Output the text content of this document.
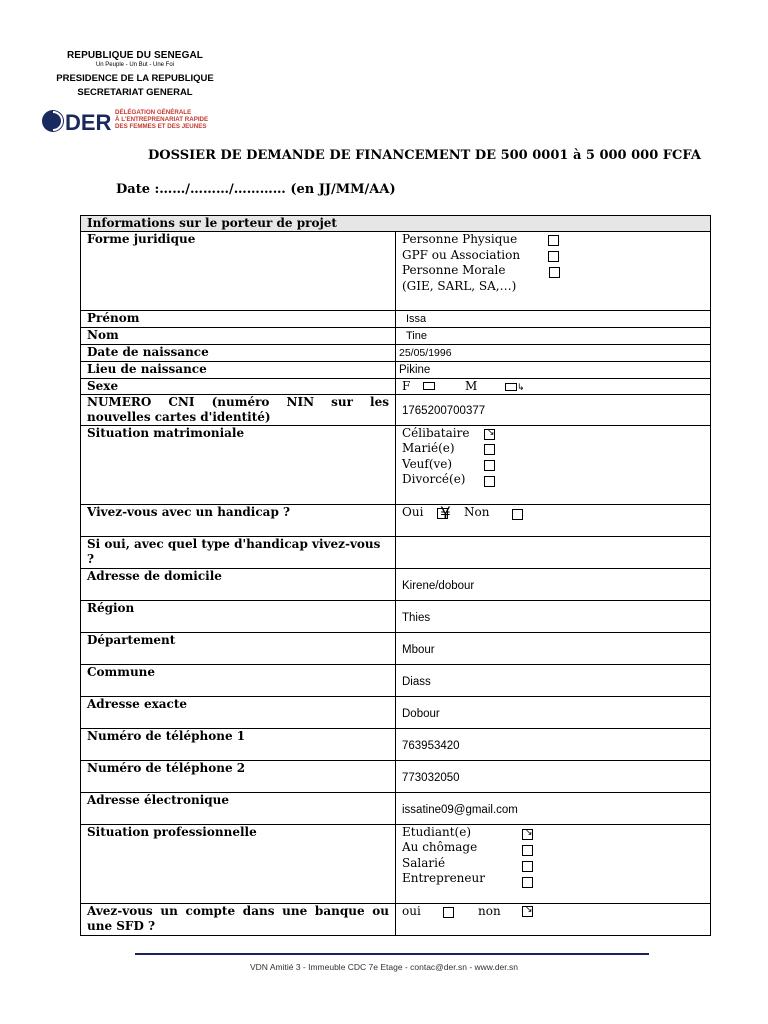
REPUBLIQUE DU SENEGAL
Un Peuple - Un But - Une Foi
PRESIDENCE DE LA REPUBLIQUE
SECRETARIAT GENERAL
DER DÉLÉGATION GÉNÉRALE
À L'ENTREPRENARIAT RAPIDE
DES FEMMES ET DES JEUNES
DOSSIER DE DEMANDE DE FINANCEMENT DE 500 0001 à 5 000 000 FCFA
Date :……/………/………… (en JJ/MM/AA)
Informations sur le porteur de projet	
Forme juridique	Personne Physique
GPF ou Association
Personne Morale
(GIE, SARL, SA,…)

Prénom	Issa

Nom	Tine

Date de naissance	25/05/1996

Lieu de naissance	Pikine

Sexe	F M ↳

NUMERO CNI (numéro NIN sur les nouvelles cartes d'identité)	1765200700377

Situation matrimoniale	Célibataire
Marié(e)
Veuf(ve)
Divorcé(e)
↘

Vivez-vous avec un handicap ?	Oui ¥ Non

Si oui, avec quel type d'handicap vivez-vous ?	

Adresse de domicile	Kirene/dobour

Région	Thies

Département	Mbour

Commune	Diass

Adresse exacte	Dobour

Numéro de téléphone 1	763953420

Numéro de téléphone 2	773032050

Adresse électronique	issatine09@gmail.com

Situation professionnelle	Etudiant(e)
Au chômage
Salarié
Entrepreneur
↘

Avez-vous un compte dans une banque ou une SFD ?	oui non ↘
VDN Amitié 3 - Immeuble CDC 7e Etage - contac@der.sn - www.der.sn
